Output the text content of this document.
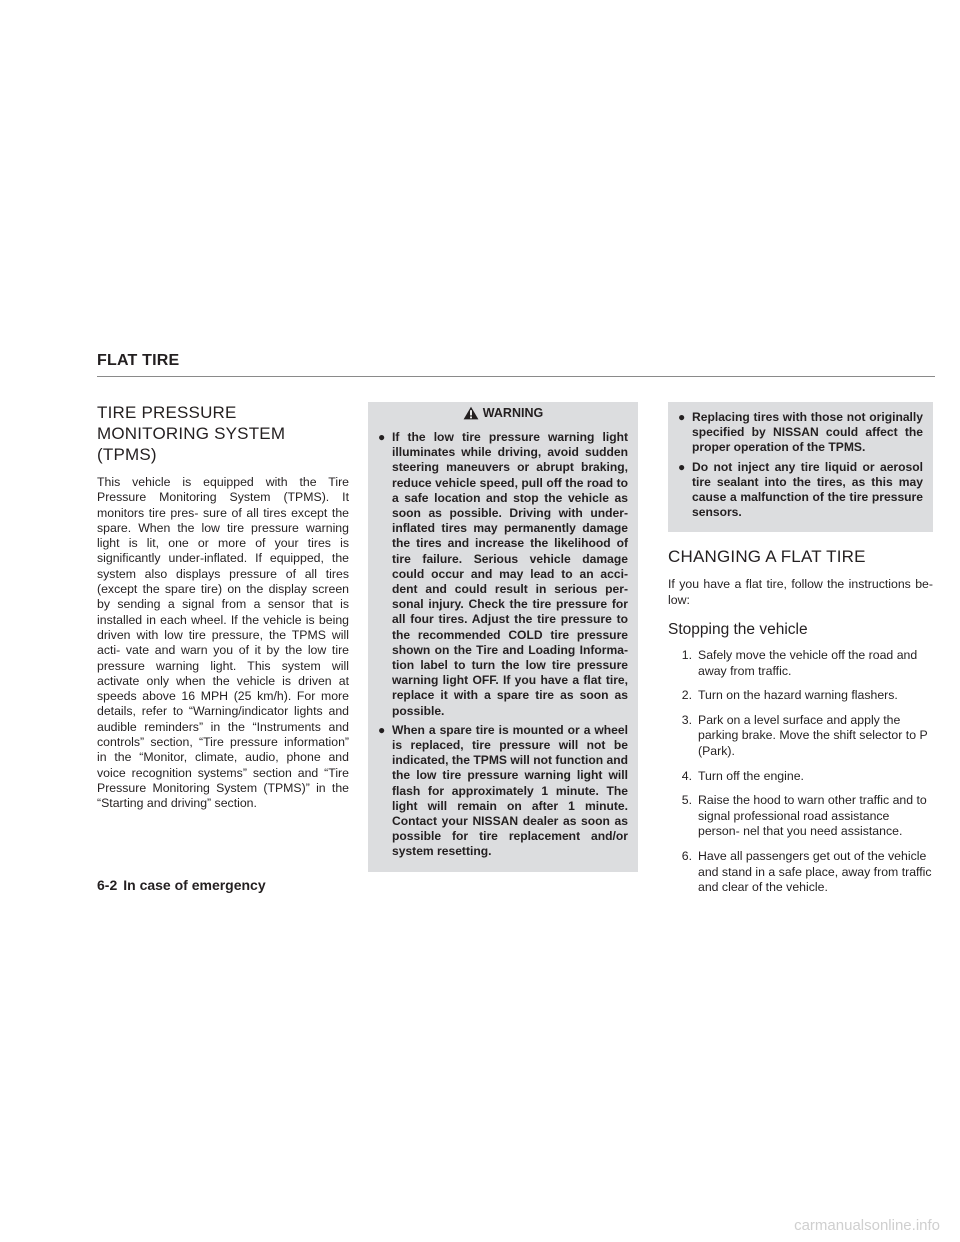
FLAT TIRE
TIRE PRESSURE MONITORING SYSTEM (TPMS)

This vehicle is equipped with the Tire Pressure Monitoring System (TPMS). It monitors tire pres- sure of all tires except the spare. When the low tire pressure warning light is lit, one or more of your tires is significantly under-inflated. If equipped, the system also displays pressure of all tires (except the spare tire) on the display screen by sending a signal from a sensor that is installed in each wheel. If the vehicle is being driven with low tire pressure, the TPMS will acti- vate and warn you of it by the low tire pressure warning light. This system will activate only when the vehicle is driven at speeds above 16 MPH (25 km/h). For more details, refer to “Warning/indicator lights and audible reminders” in the “Instruments and controls” section, “Tire pressure information” in the “Monitor, climate, audio, phone and voice recognition systems” section and “Tire Pressure Monitoring System (TPMS)” in the “Starting and driving” section.

WARNING
● If the low tire pressure warning light illuminates while driving, avoid sudden steering maneuvers or abrupt braking, reduce vehicle speed, pull off the road to a safe location and stop the vehicle as soon as possible. Driving with under- inflated tires may permanently damage the tires and increase the likelihood of tire failure. Serious vehicle damage could occur and may lead to an acci- dent and could result in serious per- sonal injury. Check the tire pressure for all four tires. Adjust the tire pressure to the recommended COLD tire pressure shown on the Tire and Loading Informa- tion label to turn the low tire pressure warning light OFF. If you have a flat tire, replace it with a spare tire as soon as possible.
● When a spare tire is mounted or a wheel is replaced, tire pressure will not be indicated, the TPMS will not function and the low tire pressure warning light will flash for approximately 1 minute. The light will remain on after 1 minute. Contact your NISSAN dealer as soon as possible for tire replacement and/or system resetting.
● Replacing tires with those not originally specified by NISSAN could affect the proper operation of the TPMS.
● Do not inject any tire liquid or aerosol tire sealant into the tires, as this may cause a malfunction of the tire pressure sensors.
CHANGING A FLAT TIRE

If you have a flat tire, follow the instructions be- low:

Stopping the vehicle
1. Safely move the vehicle off the road and away from traffic.
2. Turn on the hazard warning flashers.
3. Park on a level surface and apply the parking brake. Move the shift selector to P (Park).
4. Turn off the engine.
5. Raise the hood to warn other traffic and to signal professional road assistance person- nel that you need assistance.
6. Have all passengers get out of the vehicle and stand in a safe place, away from traffic and clear of the vehicle.
6-2 In case of emergency
carmanualsonline.info
